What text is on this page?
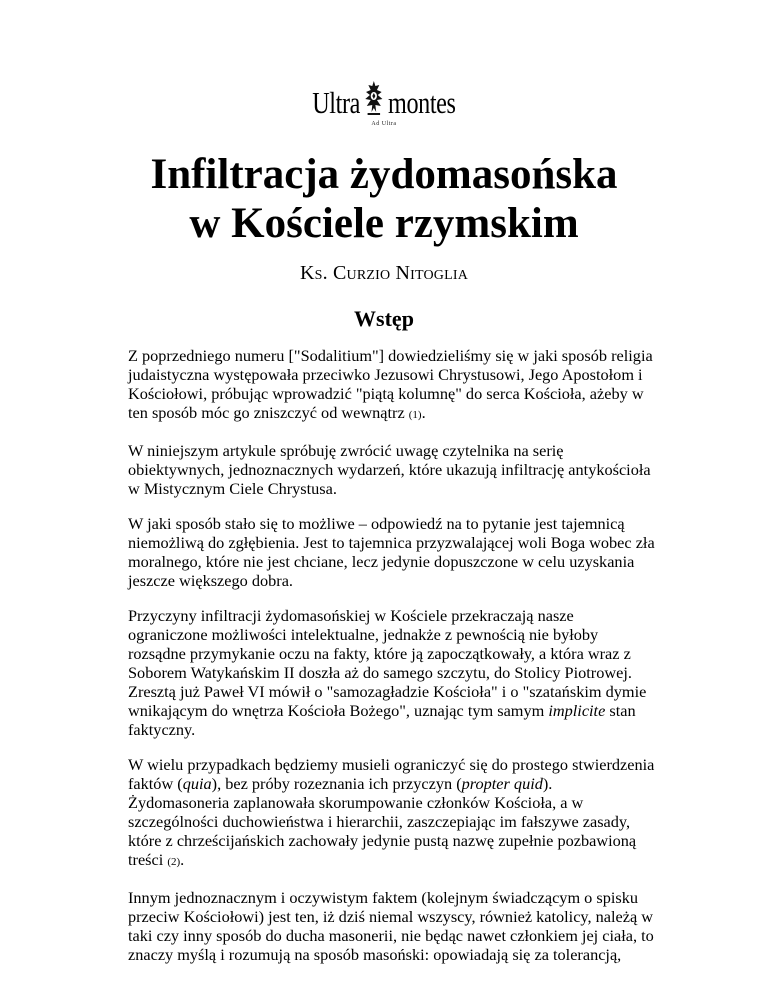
Ultra montes
Ad Ultra
Infiltracja żydomasońska
w Kościele rzymskim
Ks. Curzio Nitoglia
Wstęp

Z poprzedniego numeru ["Sodalitium"] dowiedzieliśmy się w jaki sposób religia judaistyczna występowała przeciwko Jezusowi Chrystusowi, Jego Apostołom i Kościołowi, próbując wprowadzić "piątą kolumnę" do serca Kościoła, ażeby w ten sposób móc go zniszczyć od wewnątrz (1).

W niniejszym artykule spróbuję zwrócić uwagę czytelnika na serię obiektywnych, jednoznacznych wydarzeń, które ukazują infiltrację antykościoła w Mistycznym Ciele Chrystusa.

W jaki sposób stało się to możliwe – odpowiedź na to pytanie jest tajemnicą niemożliwą do zgłębienia. Jest to tajemnica przyzwalającej woli Boga wobec zła moralnego, które nie jest chciane, lecz jedynie dopuszczone w celu uzyskania jeszcze większego dobra.

Przyczyny infiltracji żydomasońskiej w Kościele przekraczają nasze ograniczone możliwości intelektualne, jednakże z pewnością nie byłoby rozsądne przymykanie oczu na fakty, które ją zapoczątkowały, a która wraz z Soborem Watykańskim II doszła aż do samego szczytu, do Stolicy Piotrowej. Zresztą już Paweł VI mówił o "samozagładzie Kościoła" i o "szatańskim dymie wnikającym do wnętrza Kościoła Bożego", uznając tym samym implicite stan faktyczny.

W wielu przypadkach będziemy musieli ograniczyć się do prostego stwierdzenia faktów (quia), bez próby rozeznania ich przyczyn (propter quid). Żydomasoneria zaplanowała skorumpowanie członków Kościoła, a w szczególności duchowieństwa i hierarchii, zaszczepiając im fałszywe zasady, które z chrześcijańskich zachowały jedynie pustą nazwę zupełnie pozbawioną treści (2).

Innym jednoznacznym i oczywistym faktem (kolejnym świadczącym o spisku przeciw Kościołowi) jest ten, iż dziś niemal wszyscy, również katolicy, należą w taki czy inny sposób do ducha masonerii, nie będąc nawet członkiem jej ciała, to znaczy myślą i rozumują na sposób masoński: opowiadają się za tolerancją,
